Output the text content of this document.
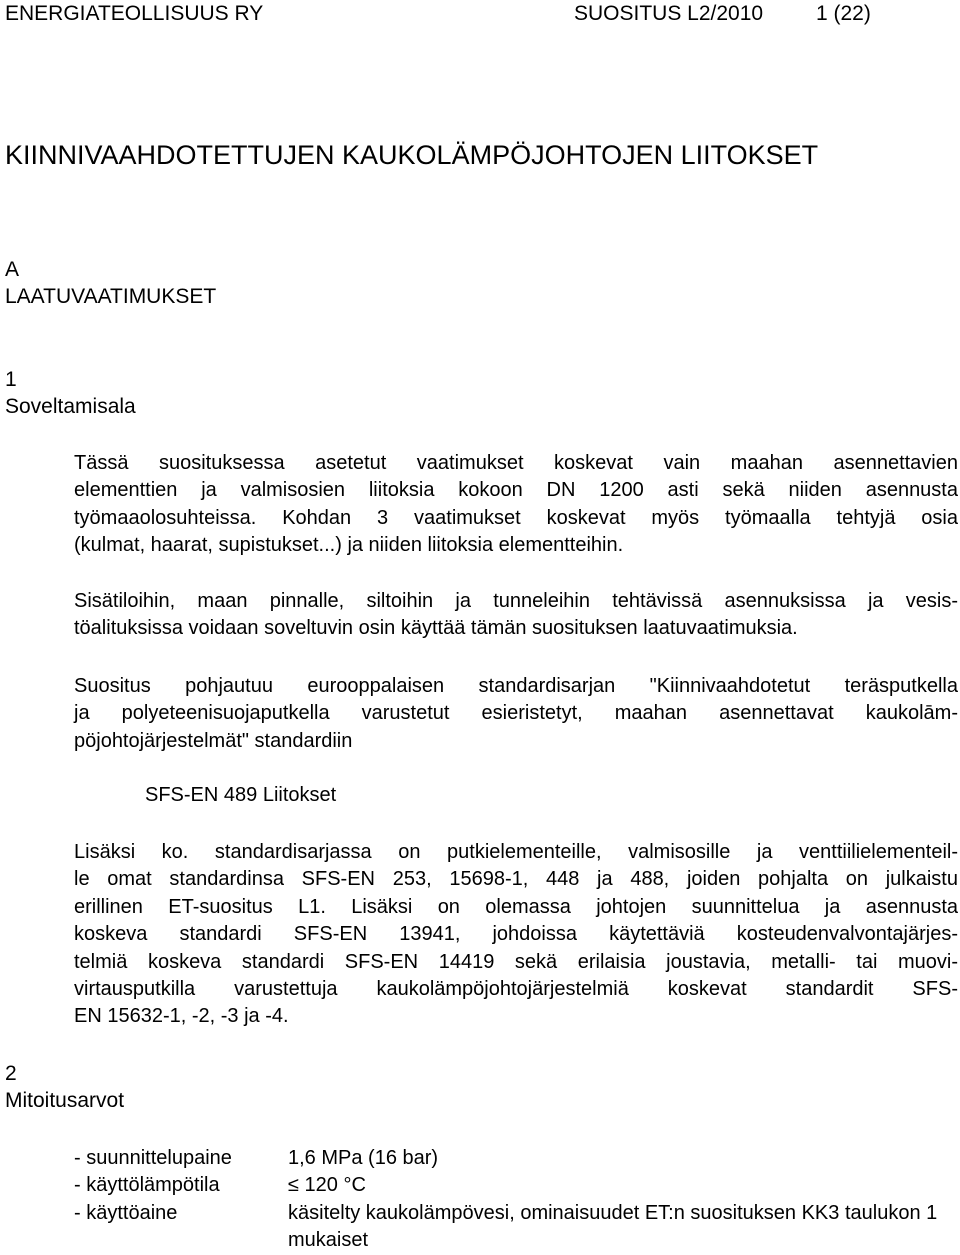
ENERGIATEOLLISUUS RY	SUOSITUS L2/2010	1 (22)
KIINNIVAAHDOTETTUJEN KAUKOLÄMPÖJOHTOJEN LIITOKSET
A
LAATUVAATIMUKSET
1
Soveltamisala
Tässä suosituksessa asetetut vaatimukset koskevat vain maahan asennettavien
elementtien ja valmisosien liitoksia kokoon DN 1200 asti sekä niiden asennusta
työmaaolosuhteissa. Kohdan 3 vaatimukset koskevat myös työmaalla tehtyjä osia
(kulmat, haarat, supistukset...) ja niiden liitoksia elementteihin.
Sisätiloihin, maan pinnalle, siltoihin ja tunneleihin tehtävissä asennuksissa ja vesis-
töalituksissa voidaan soveltuvin osin käyttää tämän suosituksen laatuvaatimuksia.
Suositus pohjautuu eurooppalaisen standardisarjan "Kiinnivaahdotetut teräsputkella
ja polyeteenisuojaputkella varustetut esieristetyt, maahan asennettavat kaukolām-
pöjohtojärjestelmät" standardiin
SFS-EN 489 Liitokset
Lisäksi ko. standardisarjassa on putkielementeille, valmisosille ja venttiilielementeil-
le omat standardinsa SFS-EN 253, 15698-1, 448 ja 488, joiden pohjalta on julkaistu
erillinen ET-suositus L1. Lisäksi on olemassa johtojen suunnittelua ja asennusta
koskeva standardi SFS-EN 13941, johdoissa käytettäviä kosteudenvalvontajärjes-
telmiä koskeva standardi SFS-EN 14419 sekä erilaisia joustavia, metalli- tai muovi-
virtausputkilla varustettuja kaukolämpöjohtojärjestelmiä koskevat standardit SFS-
EN 15632-1, -2, -3 ja -4.
2
Mitoitusarvot
- suunnittelupaine	1,6 MPa (16 bar)
- käyttölämpötila	≤ 120 °C
- käyttöaine	käsitelty kaukolämpövesi, ominaisuudet ET:n suosituksen KK3 taulukon 1 mukaiset
